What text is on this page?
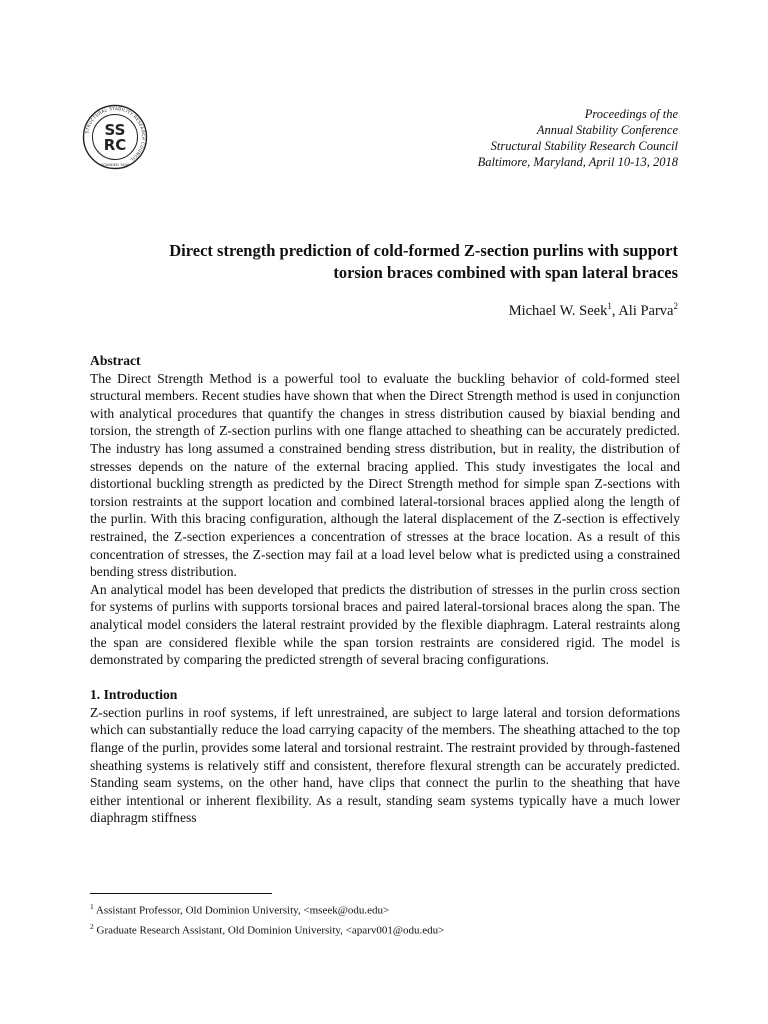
STRUCTURAL STABILITY RESEARCH COUNCIL
SS
RC
FOUNDED 1944
Proceedings of the
Annual Stability Conference
Structural Stability Research Council
Baltimore, Maryland, April 10-13, 2018
Direct strength prediction of cold-formed Z-section purlins with support
torsion braces combined with span lateral braces
Michael W. Seek$^1$, Ali Parva$^2$
Abstract

The Direct Strength Method is a powerful tool to evaluate the buckling behavior of cold-formed steel structural members. Recent studies have shown that when the Direct Strength method is used in conjunction with analytical procedures that quantify the changes in stress distribution caused by biaxial bending and torsion, the strength of Z-section purlins with one flange attached to sheathing can be accurately predicted. The industry has long assumed a constrained bending stress distribution, but in reality, the distribution of stresses depends on the nature of the external bracing applied. This study investigates the local and distortional buckling strength as predicted by the Direct Strength method for simple span Z-sections with torsion restraints at the support location and combined lateral-torsional braces applied along the length of the purlin. With this bracing configuration, although the lateral displacement of the Z-section is effectively restrained, the Z-section experiences a concentration of stresses at the brace location. As a result of this concentration of stresses, the Z-section may fail at a load level below what is predicted using a constrained bending stress distribution.

An analytical model has been developed that predicts the distribution of stresses in the purlin cross section for systems of purlins with supports torsional braces and paired lateral-torsional braces along the span. The analytical model considers the lateral restraint provided by the flexible diaphragm. Lateral restraints along the span are considered flexible while the span torsion restraints are considered rigid. The model is demonstrated by comparing the predicted strength of several bracing configurations.

1. Introduction

Z-section purlins in roof systems, if left unrestrained, are subject to large lateral and torsion deformations which can substantially reduce the load carrying capacity of the members. The sheathing attached to the top flange of the purlin, provides some lateral and torsional restraint. The restraint provided by through-fastened sheathing systems is relatively stiff and consistent, therefore flexural strength can be accurately predicted. Standing seam systems, on the other hand, have clips that connect the purlin to the sheathing that have either intentional or inherent flexibility. As a result, standing seam systems typically have a much lower diaphragm stiffness

$^1$ Assistant Professor, Old Dominion University, <mseek@odu.edu>
$^2$ Graduate Research Assistant, Old Dominion University, <aparv001@odu.edu>
